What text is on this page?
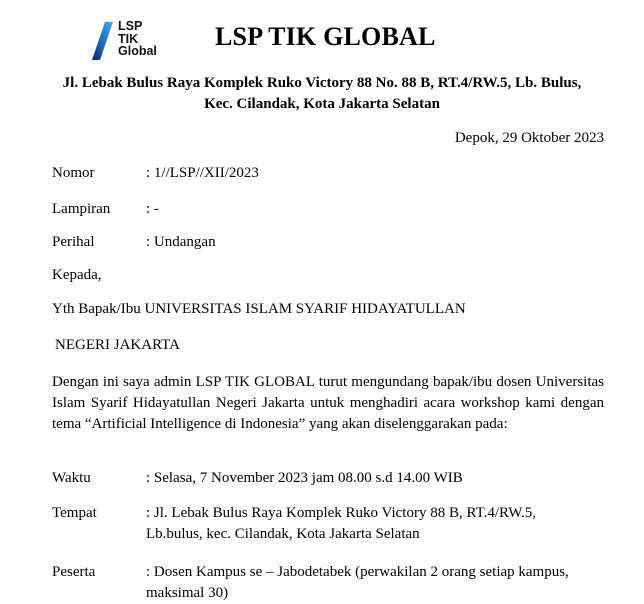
LSP
TIK
Global	LSP TIK GLOBAL
Jl. Lebak Bulus Raya Komplek Ruko Victory 88 No. 88 B, RT.4/RW.5, Lb. Bulus, Kec. Cilandak, Kota Jakarta Selatan
Depok, 29 Oktober 2023
Nomor	: 1//LSP//XII/2023
Lampiran : -
Perihal	: Undangan
Kepada,
Yth Bapak/Ibu UNIVERSITAS ISLAM SYARIF HIDAYATULLAN
NEGERI JAKARTA
Dengan ini saya admin LSP TIK GLOBAL turut mengundang bapak/ibu dosen Universitas Islam Syarif Hidayatullan Negeri Jakarta untuk menghadiri acara workshop kami dengan tema “Artificial Intelligence di Indonesia” yang akan diselenggarakan pada:
Waktu	: Selasa, 7 November 2023 jam 08.00 s.d 14.00 WIB
Tempat	: Jl. Lebak Bulus Raya Komplek Ruko Victory 88 B, RT.4/RW.5, Lb.bulus, kec. Cilandak, Kota Jakarta Selatan
Peserta	: Dosen Kampus se – Jabodetabek (perwakilan 2 orang setiap kampus, maksimal 30)
